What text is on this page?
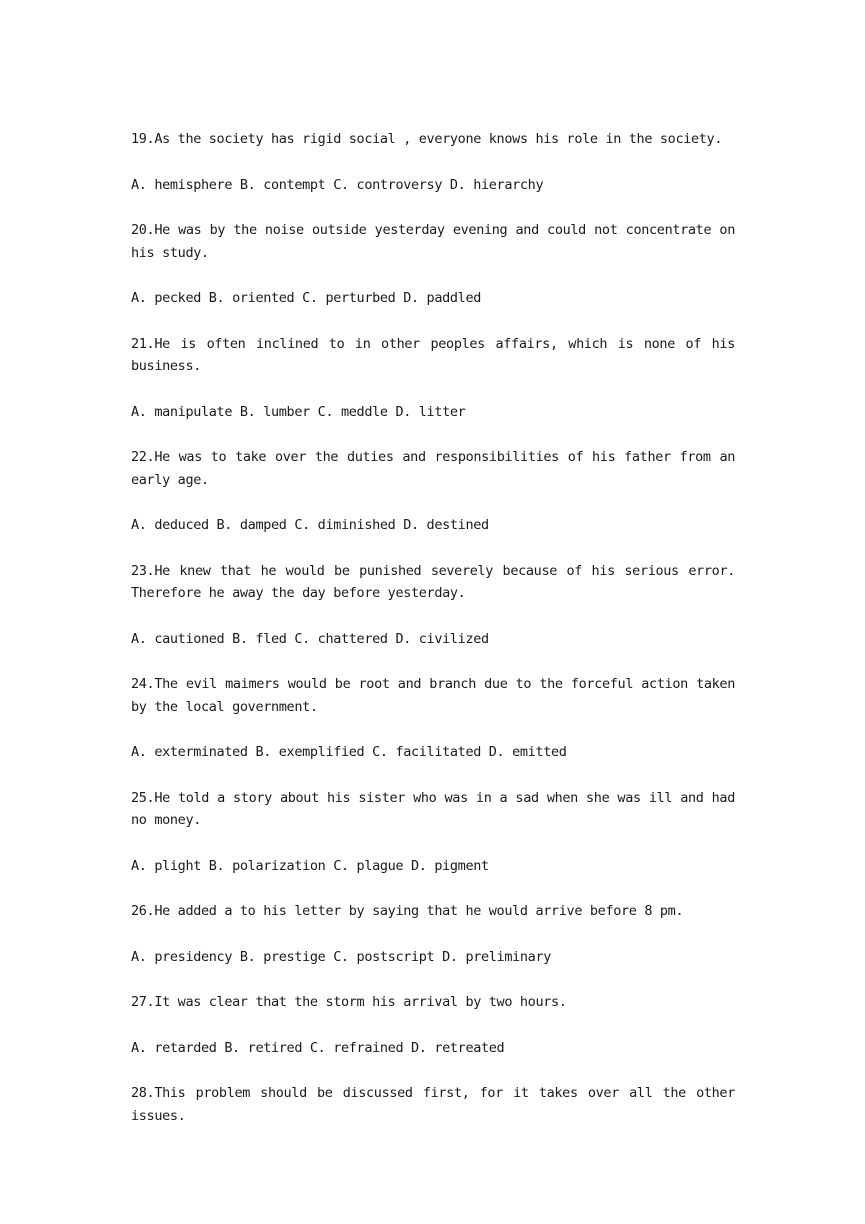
19.As the society has rigid social , everyone knows his role in the society.

A. hemisphere B. contempt C. controversy D. hierarchy

20.He was by the noise outside yesterday evening and could not concentrate on his study.

A. pecked B. oriented C. perturbed D. paddled

21.He is often inclined to in other peoples affairs, which is none of his business.

A. manipulate B. lumber C. meddle D. litter

22.He was to take over the duties and responsibilities of his father from an early age.

A. deduced B. damped C. diminished D. destined

23.He knew that he would be punished severely because of his serious error. Therefore he away the day before yesterday.

A. cautioned B. fled C. chattered D. civilized

24.The evil maimers would be root and branch due to the forceful action taken by the local government.

A. exterminated B. exemplified C. facilitated D. emitted

25.He told a story about his sister who was in a sad when she was ill and had no money.

A. plight B. polarization C. plague D. pigment

26.He added a to his letter by saying that he would arrive before 8 pm.

A. presidency B. prestige C. postscript D. preliminary

27.It was clear that the storm his arrival by two hours.

A. retarded B. retired C. refrained D. retreated

28.This problem should be discussed first, for it takes over all the other issues.
